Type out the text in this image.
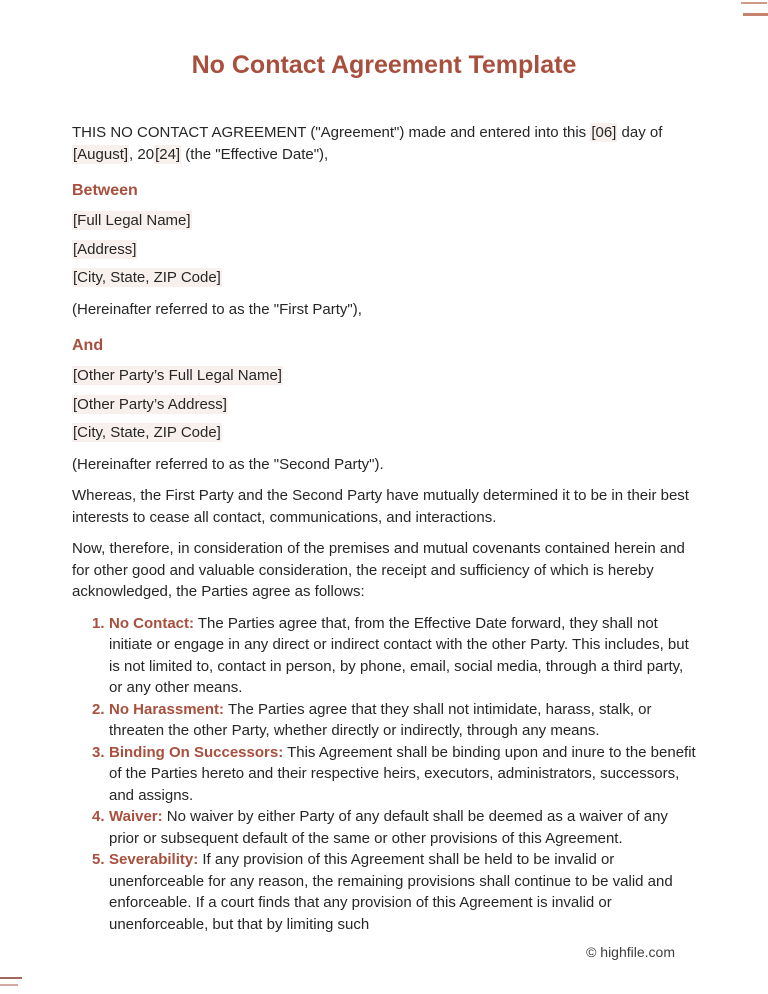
No Contact Agreement Template

THIS NO CONTACT AGREEMENT ("Agreement") made and entered into this [06] day of [August], 20[24] (the "Effective Date"),

Between

[Full Legal Name]

[Address]

[City, State, ZIP Code]

(Hereinafter referred to as the "First Party"),

And

[Other Party’s Full Legal Name]

[Other Party’s Address]

[City, State, ZIP Code]

(Hereinafter referred to as the "Second Party").

Whereas, the First Party and the Second Party have mutually determined it to be in their best interests to cease all contact, communications, and interactions.

Now, therefore, in consideration of the premises and mutual covenants contained herein and for other good and valuable consideration, the receipt and sufficiency of which is hereby acknowledged, the Parties agree as follows:

1. No Contact: The Parties agree that, from the Effective Date forward, they shall not initiate or engage in any direct or indirect contact with the other Party. This includes, but is not limited to, contact in person, by phone, email, social media, through a third party, or any other means.
2. No Harassment: The Parties agree that they shall not intimidate, harass, stalk, or threaten the other Party, whether directly or indirectly, through any means.
3. Binding On Successors: This Agreement shall be binding upon and inure to the benefit of the Parties hereto and their respective heirs, executors, administrators, successors, and assigns.
4. Waiver: No waiver by either Party of any default shall be deemed as a waiver of any prior or subsequent default of the same or other provisions of this Agreement.
5. Severability: If any provision of this Agreement shall be held to be invalid or unenforceable for any reason, the remaining provisions shall continue to be valid and enforceable. If a court finds that any provision of this Agreement is invalid or unenforceable, but that by limiting such
© highfile.com
